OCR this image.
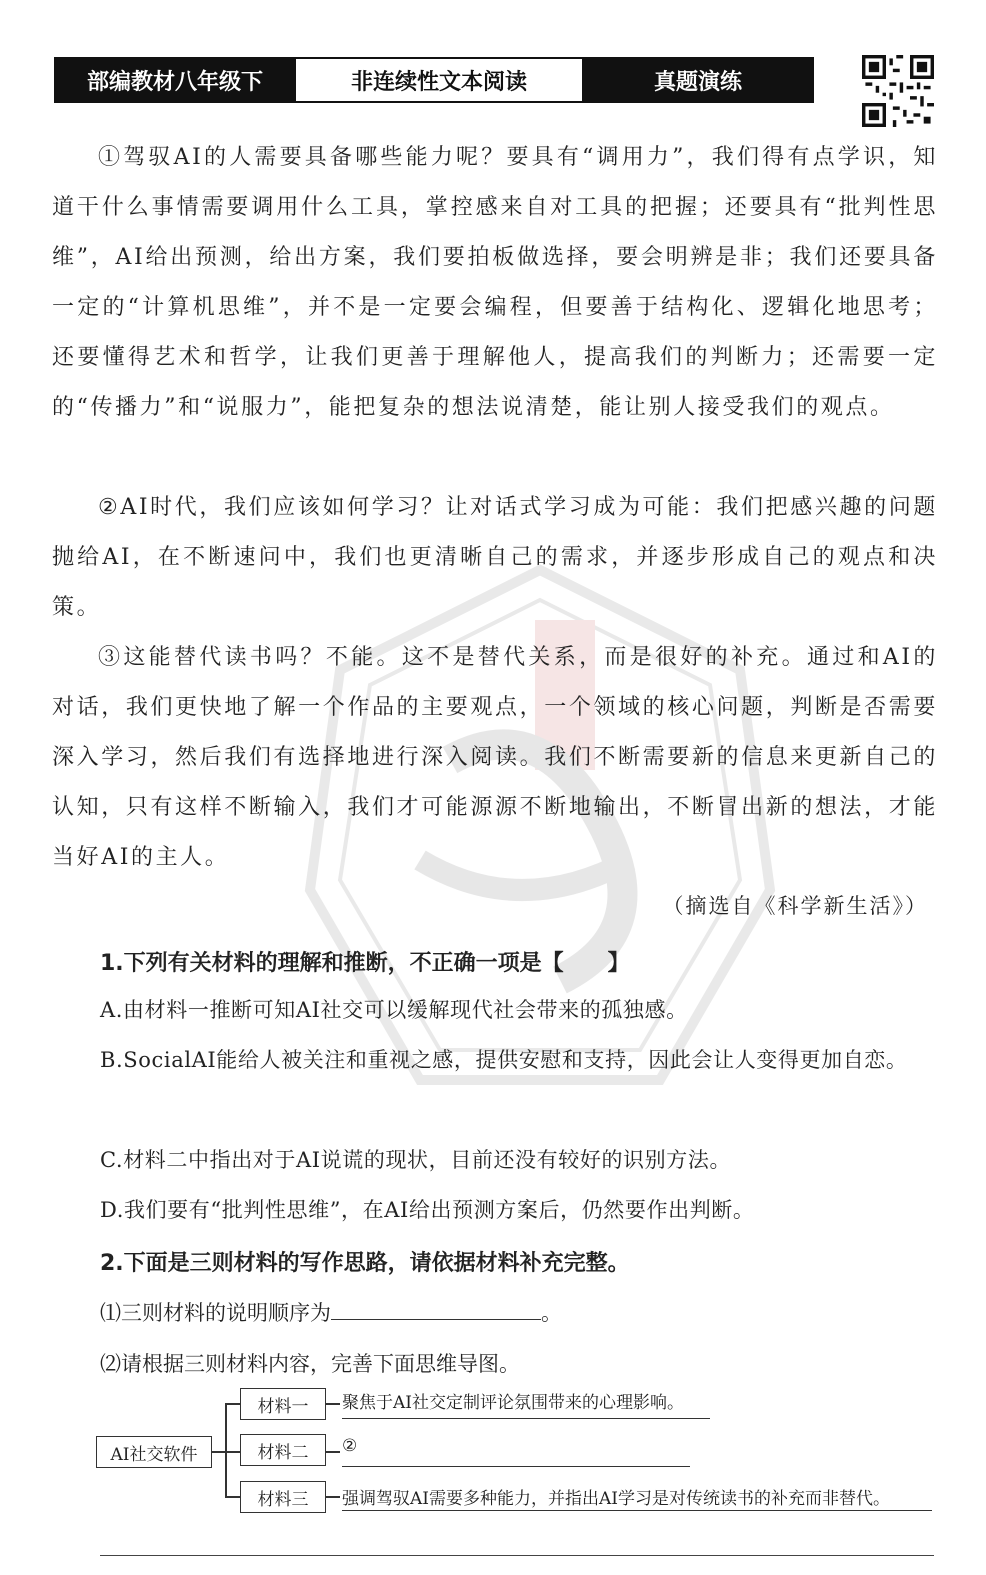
部编教材八年级下	非连续性文本阅读	真题演练

①驾驭AI的人需要具备哪些能力呢？要具有“调用力”，我们得有点学识，知道干什么事情需要调用什么工具，掌控感来自对工具的把握；还要具有“批判性思维”，AI给出预测，给出方案，我们要拍板做选择，要会明辨是非；我们还要具备一定的“计算机思维”，并不是一定要会编程，但要善于结构化、逻辑化地思考；还要懂得艺术和哲学，让我们更善于理解他人，提高我们的判断力；还需要一定的“传播力”和“说服力”，能把复杂的想法说清楚，能让别人接受我们的观点。

②AI时代，我们应该如何学习？让对话式学习成为可能：我们把感兴趣的问题抛给AI，在不断速问中，我们也更清晰自己的需求，并逐步形成自己的观点和决策。

③这能替代读书吗？不能。这不是替代关系，而是很好的补充。通过和AI的对话，我们更快地了解一个作品的主要观点，一个领域的核心问题，判断是否需要深入学习，然后我们有选择地进行深入阅读。我们不断需要新的信息来更新自己的认知，只有这样不断输入，我们才可能源源不断地输出，不断冒出新的想法，才能当好AI的主人。

（摘选自《科学新生活》）
1.下列有关材料的理解和推断，不正确一项是【　　】

A.由材料一推断可知AI社交可以缓解现代社会带来的孤独感。

B.SocialAI能给人被关注和重视之感，提供安慰和支持，因此会让人变得更加自恋。

C.材料二中指出对于AI说谎的现状，目前还没有较好的识别方法。

D.我们要有“批判性思维”，在AI给出预测方案后，仍然要作出判断。

2.下面是三则材料的写作思路，请依据材料补充完整。
⑴三则材料的说明顺序为	。
⑵请根据三则材料内容，完善下面思维导图。
AI社交软件
材料一
材料二
材料三
聚焦于AI社交定制评论氛围带来的心理影响。
②
强调驾驭AI需要多种能力，并指出AI学习是对传统读书的补充而非替代。
